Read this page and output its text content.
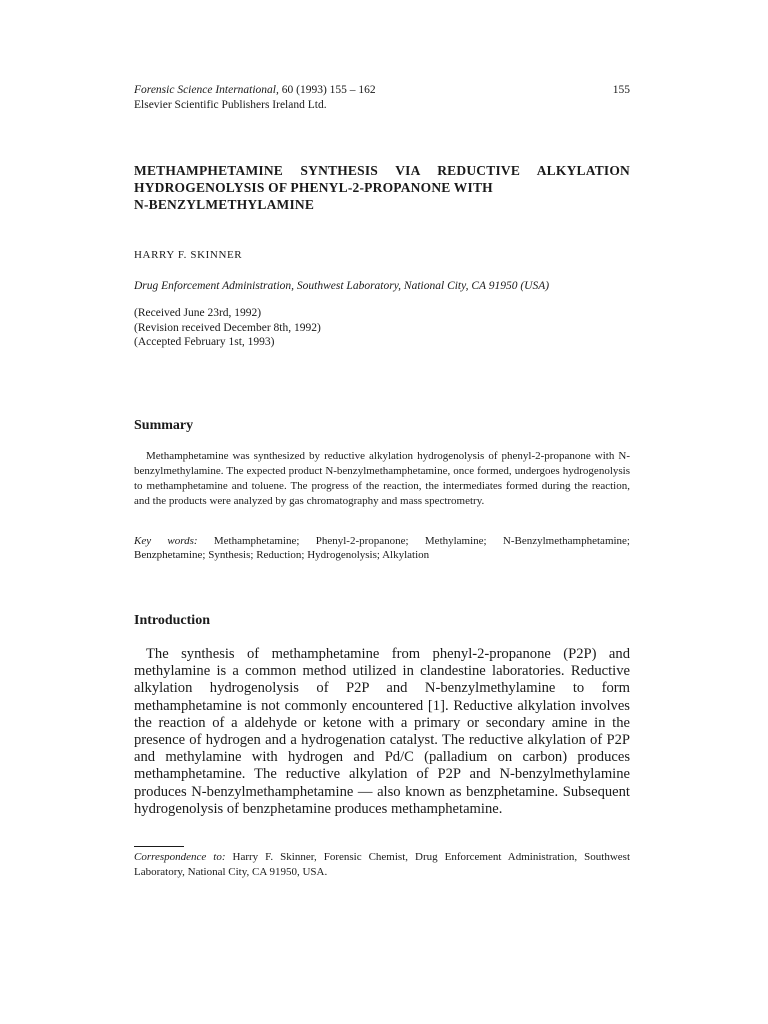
Forensic Science International, 60 (1993) 155 – 162	155
Elsevier Scientific Publishers Ireland Ltd.
METHAMPHETAMINE SYNTHESIS VIA REDUCTIVE ALKYLATION
HYDROGENOLYSIS OF PHENYL-2-PROPANONE WITH
N-BENZYLMETHYLAMINE
HARRY F. SKINNER
Drug Enforcement Administration, Southwest Laboratory, National City, CA 91950 (USA)
(Received June 23rd, 1992)
(Revision received December 8th, 1992)
(Accepted February 1st, 1993)
Summary

Methamphetamine was synthesized by reductive alkylation hydrogenolysis of phenyl-2-propanone with N-benzylmethylamine. The expected product N-benzylmethamphetamine, once formed, undergoes hydrogenolysis to methamphetamine and toluene. The progress of the reaction, the intermediates formed during the reaction, and the products were analyzed by gas chromatography and mass spectrometry.

Key words: Methamphetamine; Phenyl-2-propanone; Methylamine; N-Benzylmethamphetamine; Benzphetamine; Synthesis; Reduction; Hydrogenolysis; Alkylation

Introduction

The synthesis of methamphetamine from phenyl-2-propanone (P2P) and methylamine is a common method utilized in clandestine laboratories. Reductive alkylation hydrogenolysis of P2P and N-benzylmethylamine to form methamphetamine is not commonly encountered [1]. Reductive alkylation involves the reaction of a aldehyde or ketone with a primary or secondary amine in the presence of hydrogen and a hydrogenation catalyst. The reductive alkylation of P2P and methylamine with hydrogen and Pd/C (palladium on carbon) produces methamphetamine. The reductive alkylation of P2P and N-benzylmethylamine produces N-benzylmethamphetamine — also known as benzphetamine. Subsequent hydrogenolysis of benzphetamine produces methamphetamine.

Correspondence to: Harry F. Skinner, Forensic Chemist, Drug Enforcement Administration, Southwest Laboratory, National City, CA 91950, USA.
